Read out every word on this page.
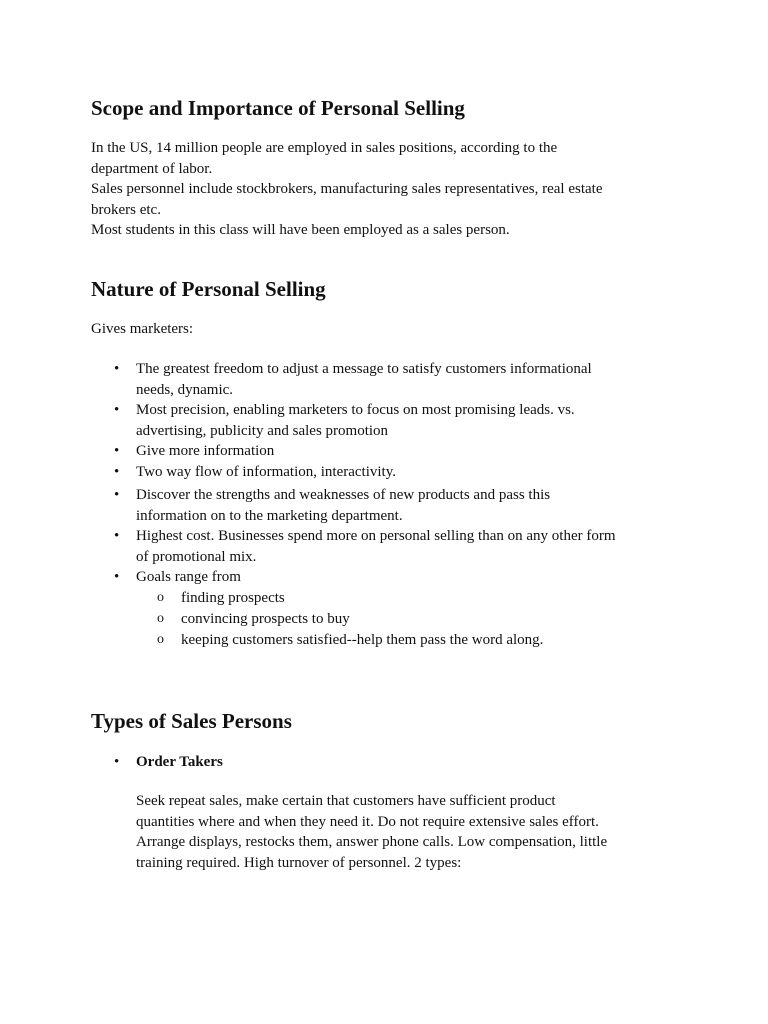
Scope and Importance of Personal Selling

In the US, 14 million people are employed in sales positions, according to the
department of labor.
Sales personnel include stockbrokers, manufacturing sales representatives, real estate
brokers etc.
Most students in this class will have been employed as a sales person.

Nature of Personal Selling

Gives marketers:

• The greatest freedom to adjust a message to satisfy customers informational
needs, dynamic.
• Most precision, enabling marketers to focus on most promising leads. vs.
advertising, publicity and sales promotion
• Give more information
• Two way flow of information, interactivity.
• Discover the strengths and weaknesses of new products and pass this
information on to the marketing department.
• Highest cost. Businesses spend more on personal selling than on any other form
of promotional mix.
• Goals range from
o finding prospects
o convincing prospects to buy
o keeping customers satisfied--help them pass the word along.
Types of Sales Persons
• Order Takers

Seek repeat sales, make certain that customers have sufficient product
quantities where and when they need it. Do not require extensive sales effort.
Arrange displays, restocks them, answer phone calls. Low compensation, little
training required. High turnover of personnel. 2 types:
